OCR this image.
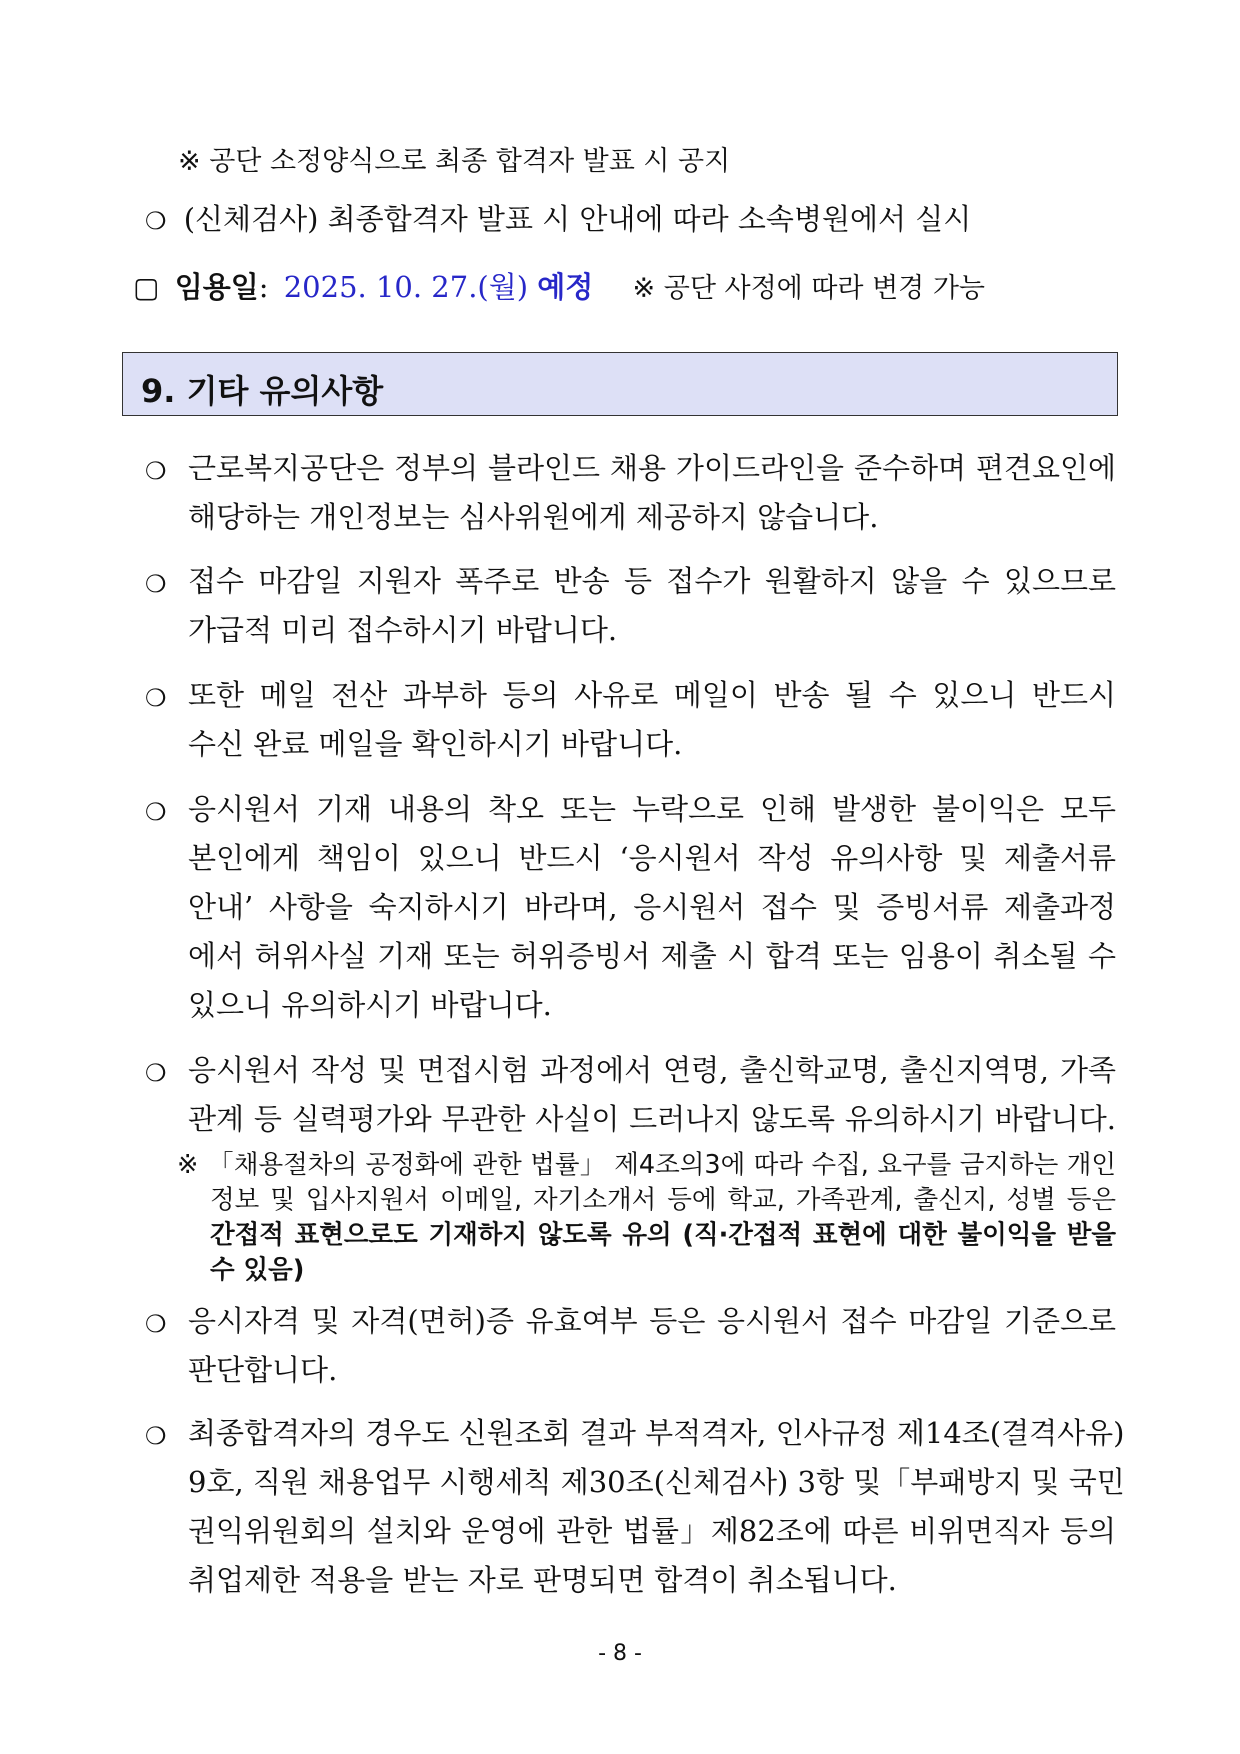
※ 공단 소정양식으로 최종 합격자 발표 시 공지
❍ (신체검사) 최종합격자 발표 시 안내에 따라 소속병원에서 실시
▢ 임용일: 2025. 10. 27.(월) 예정 ※ 공단 사정에 따라 변경 가능
9. 기타 유의사항
❍ 근로복지공단은 정부의 블라인드 채용 가이드라인을 준수하며 편견요인에
해당하는 개인정보는 심사위원에게 제공하지 않습니다.
❍ 접수 마감일 지원자 폭주로 반송 등 접수가 원활하지 않을 수 있으므로
가급적 미리 접수하시기 바랍니다.
❍ 또한 메일 전산 과부하 등의 사유로 메일이 반송 될 수 있으니 반드시
수신 완료 메일을 확인하시기 바랍니다.
❍ 응시원서 기재 내용의 착오 또는 누락으로 인해 발생한 불이익은 모두
본인에게 책임이 있으니 반드시 ‘응시원서 작성 유의사항 및 제출서류
안내’ 사항을 숙지하시기 바라며, 응시원서 접수 및 증빙서류 제출과정
에서 허위사실 기재 또는 허위증빙서 제출 시 합격 또는 임용이 취소될 수
있으니 유의하시기 바랍니다.
❍ 응시원서 작성 및 면접시험 과정에서 연령, 출신학교명, 출신지역명, 가족
관계 등 실력평가와 무관한 사실이 드러나지 않도록 유의하시기 바랍니다.
※ 「채용절차의 공정화에 관한 법률」 제4조의3에 따라 수집, 요구를 금지하는 개인
정보 및 입사지원서 이메일, 자기소개서 등에 학교, 가족관계, 출신지, 성별 등은
간접적 표현으로도 기재하지 않도록 유의 (직·간접적 표현에 대한 불이익을 받을
수 있음)
❍ 응시자격 및 자격(면허)증 유효여부 등은 응시원서 접수 마감일 기준으로
판단합니다.
❍ 최종합격자의 경우도 신원조회 결과 부적격자, 인사규정 제14조(결격사유)
9호, 직원 채용업무 시행세칙 제30조(신체검사) 3항 및「부패방지 및 국민
권익위원회의 설치와 운영에 관한 법률」제82조에 따른 비위면직자 등의
취업제한 적용을 받는 자로 판명되면 합격이 취소됩니다.
- 8 -
